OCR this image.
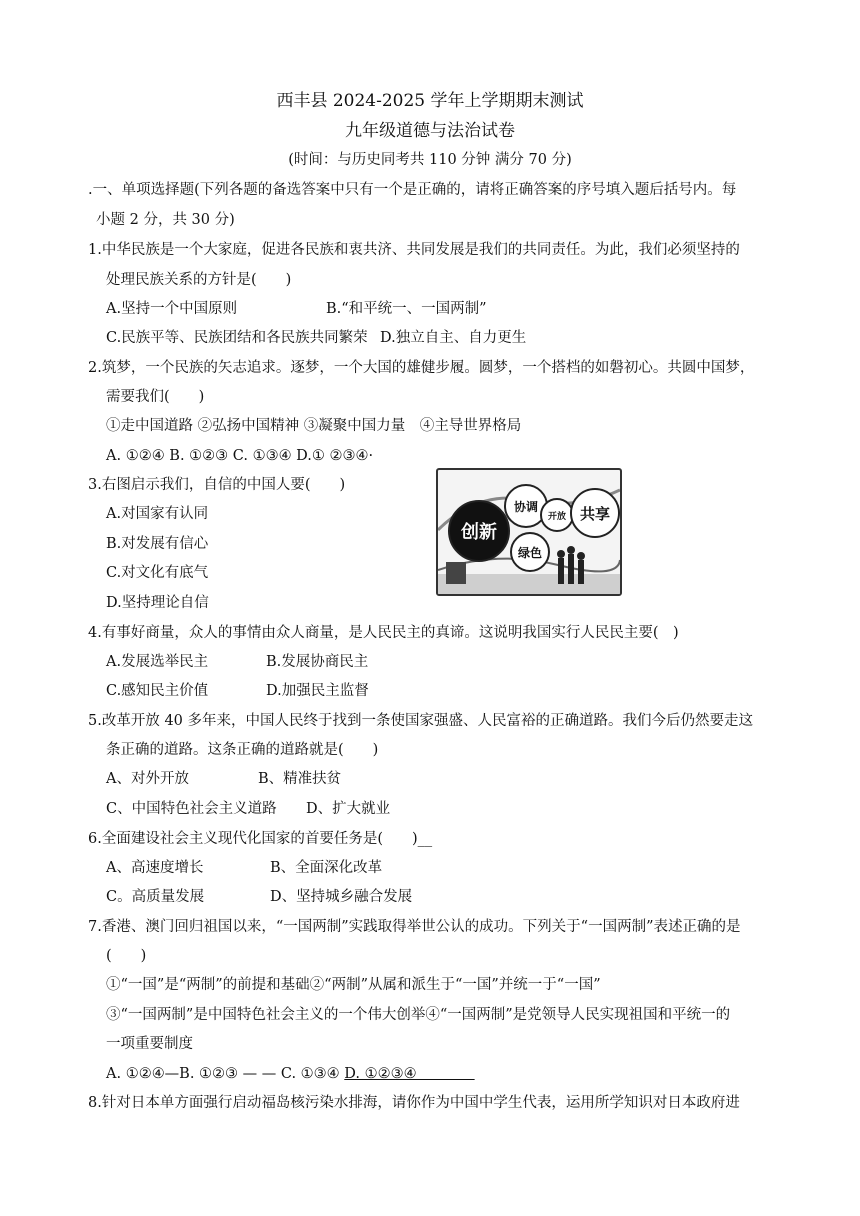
西丰县 2024-2025 学年上学期期末测试
九年级道德与法治试卷
(时间：与历史同考共 110 分钟 满分 70 分)
.一、单项选择题(下列各题的备选答案中只有一个是正确的，请将正确答案的序号填入题后括号内。每
小题 2 分，共 30 分)
1.中华民族是一个大家庭，促进各民族和衷共济、共同发展是我们的共同责任。为此，我们必须坚持的
处理民族关系的方针是(　　)
A.坚持一个中国原则	B.“和平统一、一国两制”
C.民族平等、民族团结和各民族共同繁荣 D.独立自主、自力更生
2.筑梦，一个民族的矢志追求。逐梦，一个大国的雄健步履。圆梦，一个搭档的如磐初心。共圆中国梦，
需要我们(　　)
①走中国道路 ②弘扬中国精神 ③凝聚中国力量　④主导世界格局
A. ①②④ B. ①②③ C. ①③④ D.① ②③④·
3.右图启示我们，自信的中国人要(　　)
A.对国家有认同
B.对发展有信心
C.对文化有底气
D.坚持理论自信
创新
协调
开放 共享
绿色
4.有事好商量，众人的事情由众人商量，是人民民主的真谛。这说明我国实行人民民主要(　)
A.发展选举民主	B.发展协商民主
C.感知民主价值	D.加强民主监督
5.改革开放 40 多年来，中国人民终于找到一条使国家强盛、人民富裕的正确道路。我们今后仍然要走这
条正确的道路。这条正确的道路就是(　　)
A、对外开放	B、精准扶贫
C、中国特色社会主义道路 D、扩大就业
6.全面建设社会主义现代化国家的首要任务是(　　)__
A、高速度增长	B、全面深化改革
C。高质量发展	D、坚持城乡融合发展
7.香港、澳门回归祖国以来，“一国两制”实践取得举世公认的成功。下列关于“一国两制”表述正确的是
(　　)
①“一国”是“两制”的前提和基础②“两制”从属和派生于“一国”并统一于“一国”
③“一国两制”是中国特色社会主义的一个伟大创举④“一国两制”是党领导人民实现祖国和平统一的
一项重要制度
A. ①②④—B. ①②③ — — C. ①③④ D. ①②③④　　　　
8.针对日本单方面强行启动福岛核污染水排海，请你作为中国中学生代表，运用所学知识对日本政府进
